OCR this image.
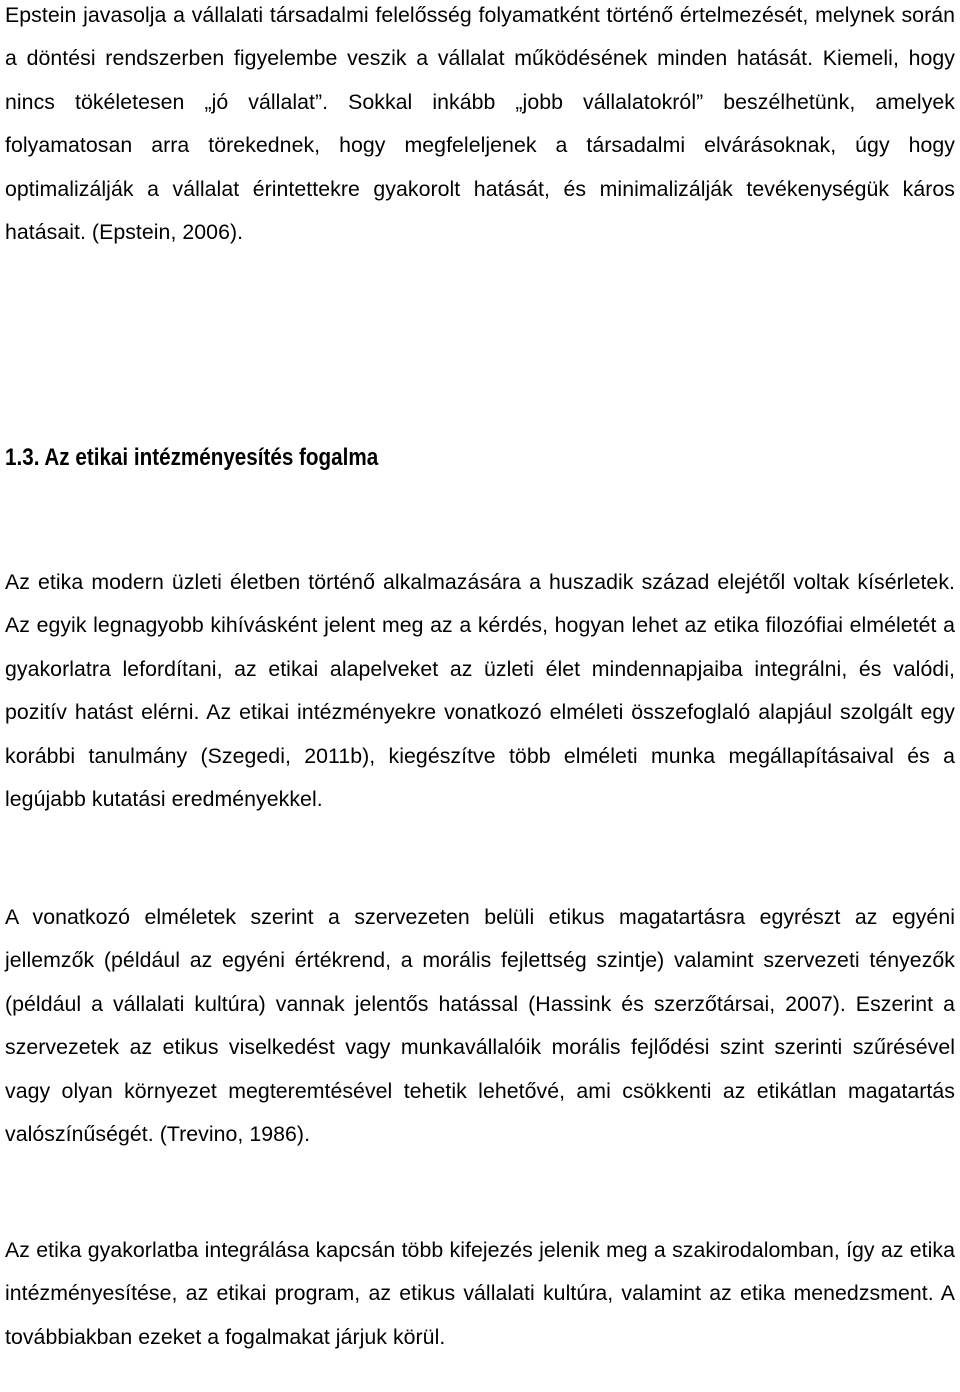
Epstein javasolja a vállalati társadalmi felelősség folyamatként történő értelmezését, melynek során a döntési rendszerben figyelembe veszik a vállalat működésének minden hatását. Kiemeli, hogy nincs tökéletesen „jó vállalat”. Sokkal inkább „jobb vállalatokról” beszélhetünk, amelyek folyamatosan arra törekednek, hogy megfeleljenek a társadalmi elvárásoknak, úgy hogy optimalizálják a vállalat érintettekre gyakorolt hatását, és minimalizálják tevékenységük káros hatásait. (Epstein, 2006).

1.3. Az etikai intézményesítés fogalma

Az etika modern üzleti életben történő alkalmazására a huszadik század elejétől voltak kísérletek. Az egyik legnagyobb kihívásként jelent meg az a kérdés, hogyan lehet az etika filozófiai elméletét a gyakorlatra lefordítani, az etikai alapelveket az üzleti élet mindennapjaiba integrálni, és valódi, pozitív hatást elérni. Az etikai intézményekre vonatkozó elméleti összefoglaló alapjául szolgált egy korábbi tanulmány (Szegedi, 2011b), kiegészítve több elméleti munka megállapításaival és a legújabb kutatási eredményekkel.

A vonatkozó elméletek szerint a szervezeten belüli etikus magatartásra egyrészt az egyéni jellemzők (például az egyéni értékrend, a morális fejlettség szintje) valamint szervezeti tényezők (például a vállalati kultúra) vannak jelentős hatással (Hassink és szerzőtársai, 2007). Eszerint a szervezetek az etikus viselkedést vagy munkavállalóik morális fejlődési szint szerinti szűrésével vagy olyan környezet megteremtésével tehetik lehetővé, ami csökkenti az etikátlan magatartás valószínűségét. (Trevino, 1986).

Az etika gyakorlatba integrálása kapcsán több kifejezés jelenik meg a szakirodalomban, így az etika intézményesítése, az etikai program, az etikus vállalati kultúra, valamint az etika menedzsment. A továbbiakban ezeket a fogalmakat járjuk körül.
